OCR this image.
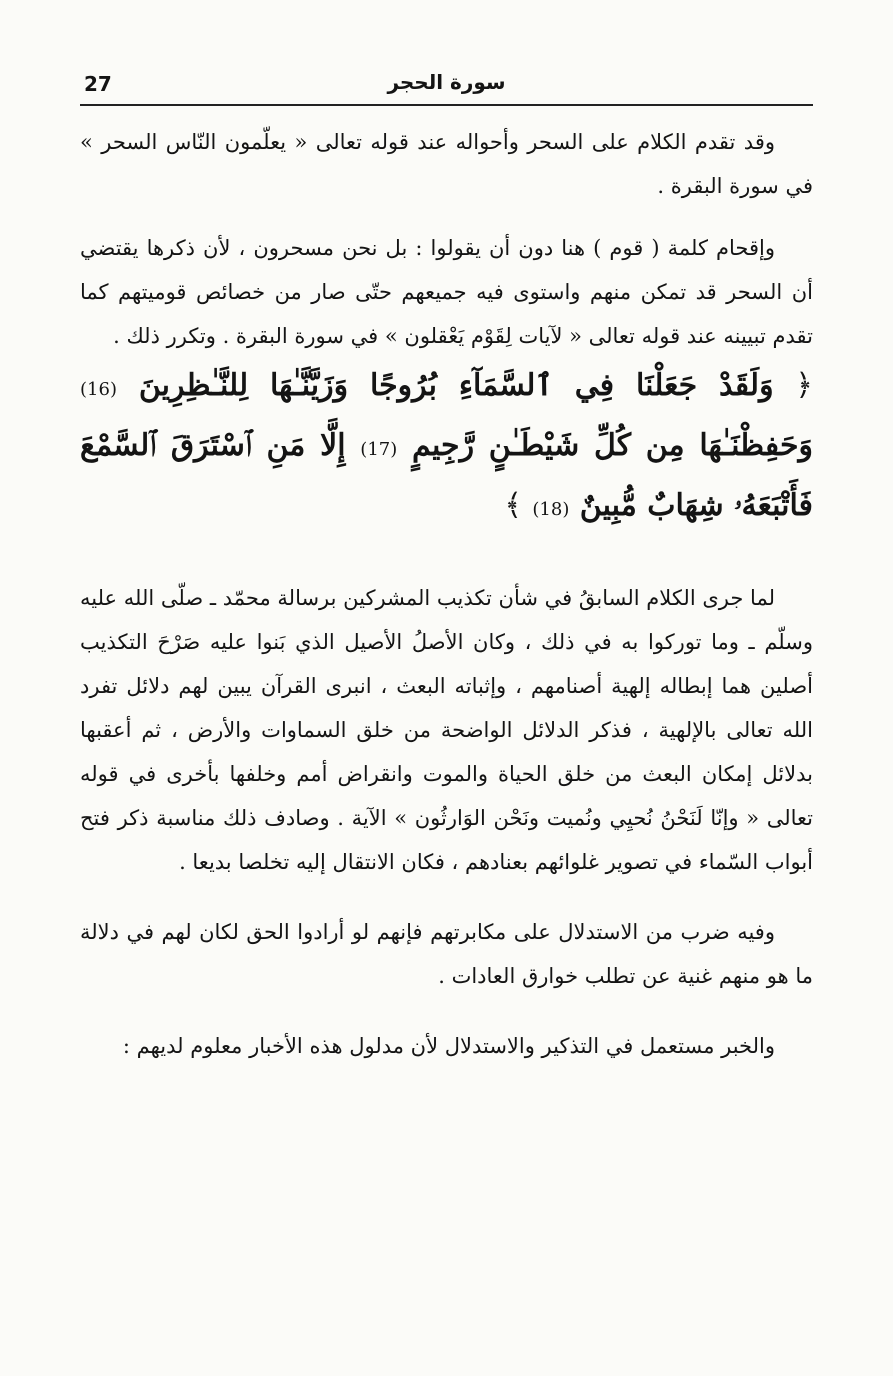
27	سورة الحجر

وقد تقدم الكلام على السحر وأحواله عند قوله تعالى « يعلّمون النّاس السحر » في سورة البقرة .

وإقحام كلمة ( قوم ) هنا دون أن يقولوا : بل نحن مسحرون ، لأن ذكرها يقتضي أن السحر قد تمكن منهم واستوى فيه جميعهم حتّى صار من خصائص قوميتهم كما تقدم تبيينه عند قوله تعالى « لآيات لِقَوْم يَعْقلون » في سورة البقرة . وتكرر ذلك .

﴿ وَلَقَدْ جَعَلْنَا فِي ٱلسَّمَآءِ بُرُوجًا وَزَيَّنَّـٰهَا لِلنَّـٰظِرِينَ (16) وَحَفِظْنَـٰهَا مِن كُلِّ شَيْطَـٰنٍ رَّجِيمٍ (17) إِلَّا مَنِ ٱسْتَرَقَ ٱلسَّمْعَ فَأَتْبَعَهُۥ شِهَابٌ مُّبِينٌ (18) ﴾

لما جرى الكلام السابقُ في شأن تكذيب المشركين برسالة محمّد ـ صلّى الله عليه وسلّم ـ وما توركوا به في ذلك ، وكان الأصلُ الأصيل الذي بَنوا عليه صَرْحَ التكذيب أصلين هما إبطاله إلهية أصنامهم ، وإثباته البعث ، انبرى القرآن يبين لهم دلائل تفرد الله تعالى بالإلهية ، فذكر الدلائل الواضحة من خلق السماوات والأرض ، ثم أعقبها بدلائل إمكان البعث من خلق الحياة والموت وانقراض أمم وخلفها بأخرى في قوله تعالى « وإنّا لَنَحْنُ نُحيِي ونُميت ونَحْن الوَارثُون » الآية . وصادف ذلك مناسبة ذكر فتح أبواب السّماء في تصوير غلوائهم بعنادهم ، فكان الانتقال إليه تخلصا بديعا .

وفيه ضرب من الاستدلال على مكابرتهم فإنهم لو أرادوا الحق لكان لهم في دلالة ما هو منهم غنية عن تطلب خوارق العادات .

والخبر مستعمل في التذكير والاستدلال لأن مدلول هذه الأخبار معلوم لديهم :
